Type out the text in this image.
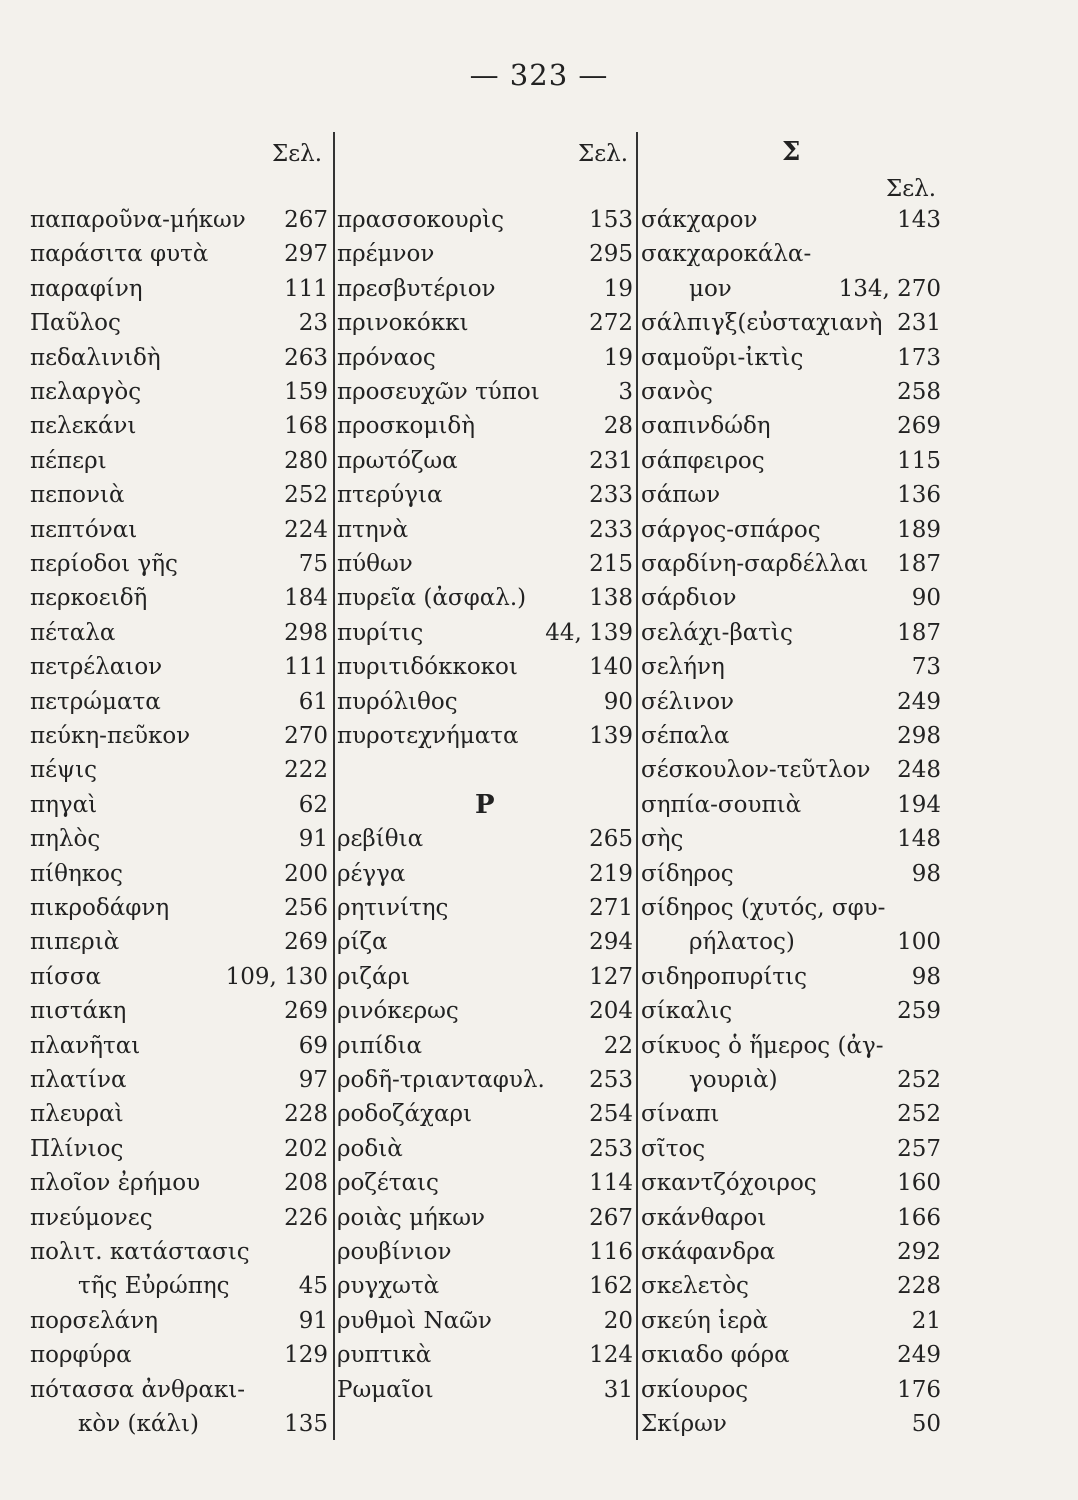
— 323 —
Σελ.	Σελ.	Σ
Σελ.
παπαροῦνα-μήκων 267
παράσιτα φυτὰ	297
παραφίνη	111
Παῦλος	23
πεδαλινιδὴ	263
πελαργὸς	159
πελεκάνι	168
πέπερι	280
πεπονιὰ	252
πεπτόναι	224
περίοδοι γῆς	75
περκοειδῆ	184
πέταλα	298
πετρέλαιον	111
πετρώματα	61
πεύκη-πεῦκον	270
πέψις	222
πηγαὶ	62
πηλὸς	91
πίθηκος	200
πικροδάφνη	256
πιπεριὰ	269
πίσσα	109, 130
πιστάκη	269
πλανῆται	69
πλατίνα	97
πλευραὶ	228
Πλίνιος	202
πλοῖον ἐρήμου	208
πνεύμονες	226
πολιτ. κατάστασις
τῆς Εὐρώπης	45
πορσελάνη	91
πορφύρα	129
πότασσα ἀνθρακι-
κὸν (κάλι)	135
πρασσοκουρὶς	153
πρέμνον	295
πρεσβυτέριον	19
πρινοκόκκι	272
πρόναος	19
προσευχῶν τύποι	3
προσκομιδὴ	28
πρωτόζωα	231
πτερύγια	233
πτηνὰ	233
πύθων	215
πυρεῖα (ἀσφαλ.)	138
πυρίτις	44, 139
πυριτιδόκκοκοι	140
πυρόλιθος	90
πυροτεχνήματα	139
Ρ
ρεβίθια	265
ρέγγα	219
ρητινίτης	271
ρίζα	294
ριζάρι	127
ρινόκερως	204
ριπίδια	22
ροδῆ-τριανταφυλ. 253
ροδοζάχαρι	254
ροδιὰ	253
ροζέταις	114
ροιὰς μήκων	267
ρουβίνιον	116
ρυγχωτὰ	162
ρυθμοὶ Ναῶν	20
ρυπτικὰ	124
Ρωμαῖοι	31
σάκχαρον	143
σακχαροκάλα-
μον	134, 270
σάλπιγξ(εὐσταχιανὴ 231
σαμοῦρι-ἰκτὶς	173
σανὸς	258
σαπινδώδη	269
σάπφειρος	115
σάπων	136
σάργος-σπάρος	189
σαρδίνη-σαρδέλλαι 187
σάρδιον	90
σελάχι-βατὶς	187
σελήνη	73
σέλινον	249
σέπαλα	298
σέσκουλον-τεῦτλον 248
σηπία-σουπιὰ	194
σὴς	148
σίδηρος	98
σίδηρος (χυτός, σφυ-
ρήλατος)	100
σιδηροπυρίτις	98
σίκαλις	259
σίκυος ὁ ἥμερος (ἀγ-
γουριὰ)	252
σίναπι	252
σῖτος	257
σκαντζόχοιρος	160
σκάνθαροι	166
σκάφανδρα	292
σκελετὸς	228
σκεύη ἱερὰ	21
σκιαδο φόρα	249
σκίουρος	176
Σκίρων	50
